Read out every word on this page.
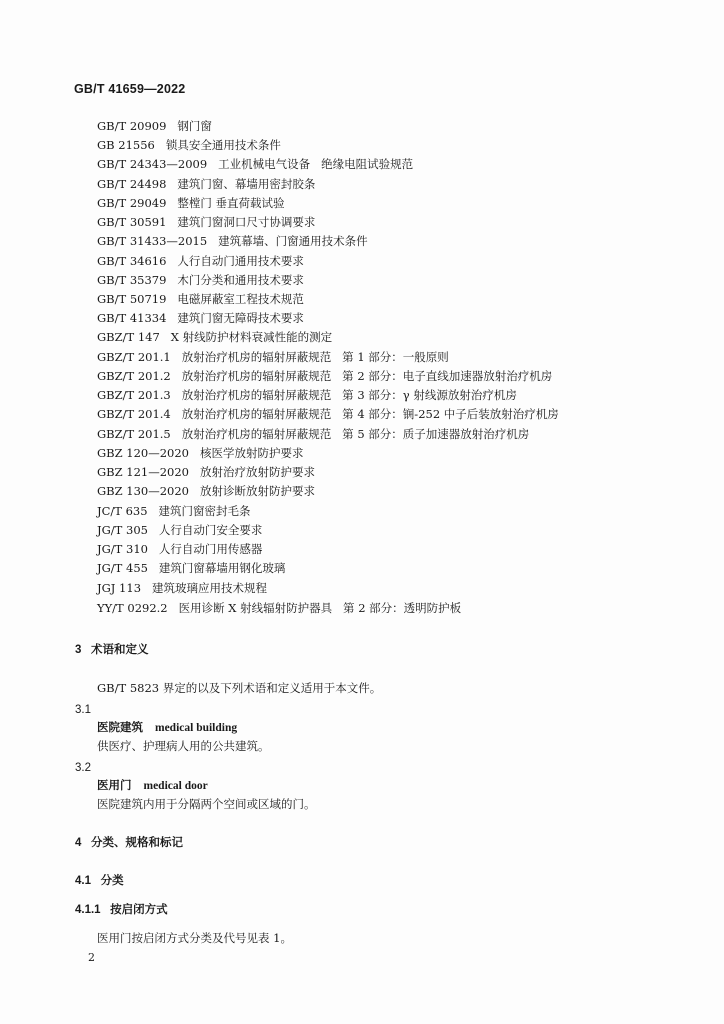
GB/T 41659—2022
GB/T 20909   钢门窗
GB 21556   锁具安全通用技术条件
GB/T 24343—2009   工业机械电气设备   绝缘电阻试验规范
GB/T 24498   建筑门窗、幕墙用密封胶条
GB/T 29049   整樘门 垂直荷载试验
GB/T 30591   建筑门窗洞口尺寸协调要求
GB/T 31433—2015   建筑幕墙、门窗通用技术条件
GB/T 34616   人行自动门通用技术要求
GB/T 35379   木门分类和通用技术要求
GB/T 50719   电磁屏蔽室工程技术规范
GB/T 41334   建筑门窗无障碍技术要求
GBZ/T 147   X 射线防护材料衰减性能的测定
GBZ/T 201.1   放射治疗机房的辐射屏蔽规范   第 1 部分：一般原则
GBZ/T 201.2   放射治疗机房的辐射屏蔽规范   第 2 部分：电子直线加速器放射治疗机房
GBZ/T 201.3   放射治疗机房的辐射屏蔽规范   第 3 部分：γ 射线源放射治疗机房
GBZ/T 201.4   放射治疗机房的辐射屏蔽规范   第 4 部分：锎-252 中子后装放射治疗机房
GBZ/T 201.5   放射治疗机房的辐射屏蔽规范   第 5 部分：质子加速器放射治疗机房
GBZ 120—2020   核医学放射防护要求
GBZ 121—2020   放射治疗放射防护要求
GBZ 130—2020   放射诊断放射防护要求
JC/T 635   建筑门窗密封毛条
JG/T 305   人行自动门安全要求
JG/T 310   人行自动门用传感器
JG/T 455   建筑门窗幕墙用钢化玻璃
JGJ 113   建筑玻璃应用技术规程
YY/T 0292.2   医用诊断 X 射线辐射防护器具   第 2 部分：透明防护板
3   术语和定义
GB/T 5823 界定的以及下列术语和定义适用于本文件。
3.1
医院建筑 medical building
供医疗、护理病人用的公共建筑。
3.2
医用门 medical door
医院建筑内用于分隔两个空间或区域的门。
4   分类、规格和标记
4.1   分类
4.1.1   按启闭方式
医用门按启闭方式分类及代号见表 1。
2
